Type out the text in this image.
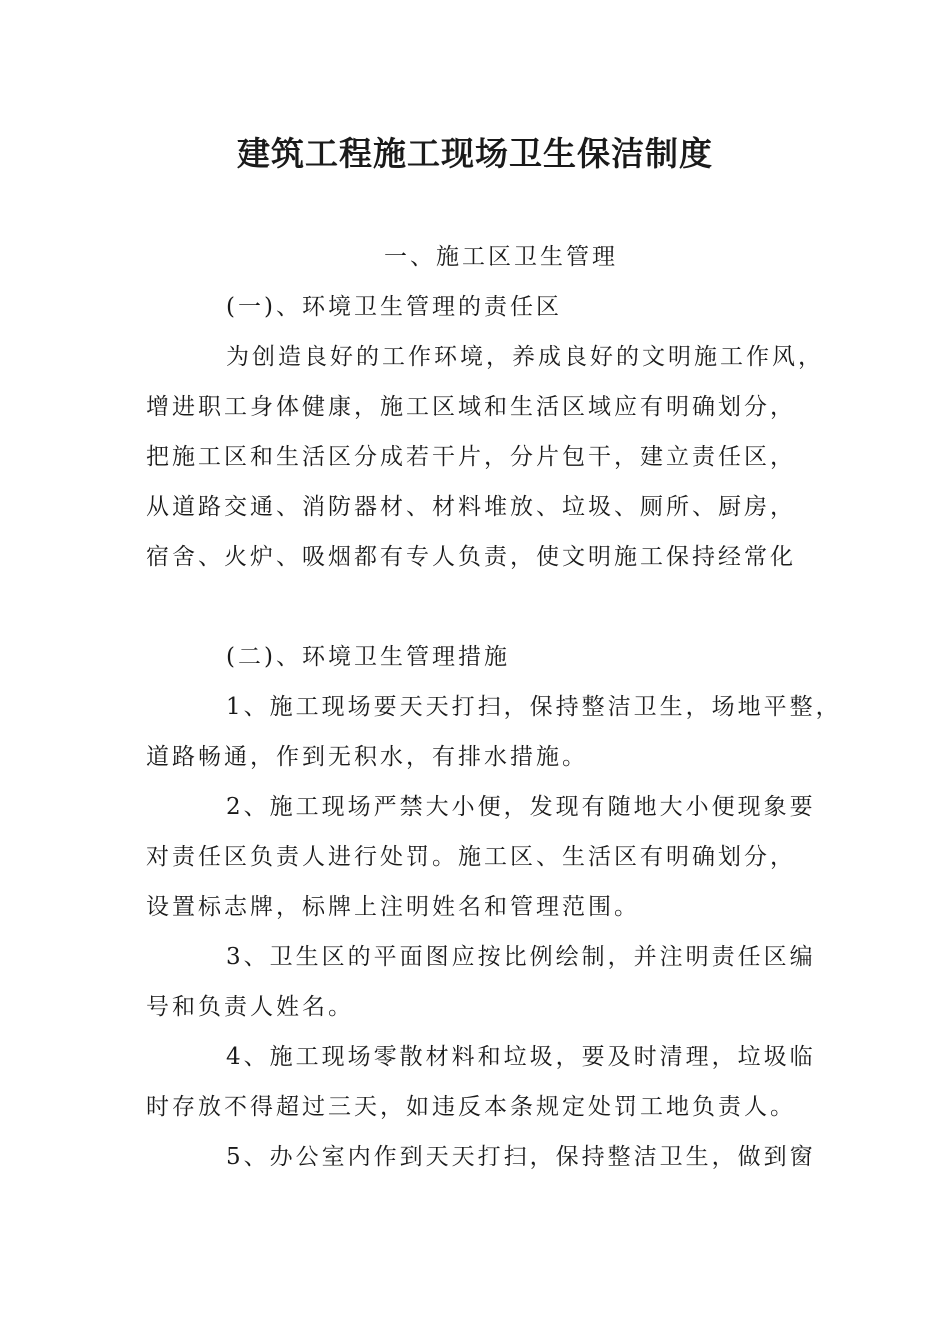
建筑工程施工现场卫生保洁制度
一、施工区卫生管理
(一)、环境卫生管理的责任区
为创造良好的工作环境，养成良好的文明施工作风，
增进职工身体健康，施工区域和生活区域应有明确划分，
把施工区和生活区分成若干片，分片包干，建立责任区，
从道路交通、消防器材、材料堆放、垃圾、厕所、厨房，
宿舍、火炉、吸烟都有专人负责，使文明施工保持经常化
(二)、环境卫生管理措施
1、施工现场要天天打扫，保持整洁卫生，场地平整，
道路畅通，作到无积水，有排水措施。
2、施工现场严禁大小便，发现有随地大小便现象要
对责任区负责人进行处罚。施工区、生活区有明确划分，
设置标志牌，标牌上注明姓名和管理范围。
3、卫生区的平面图应按比例绘制，并注明责任区编
号和负责人姓名。
4、施工现场零散材料和垃圾，要及时清理，垃圾临
时存放不得超过三天，如违反本条规定处罚工地负责人。
5、办公室内作到天天打扫，保持整洁卫生，做到窗
